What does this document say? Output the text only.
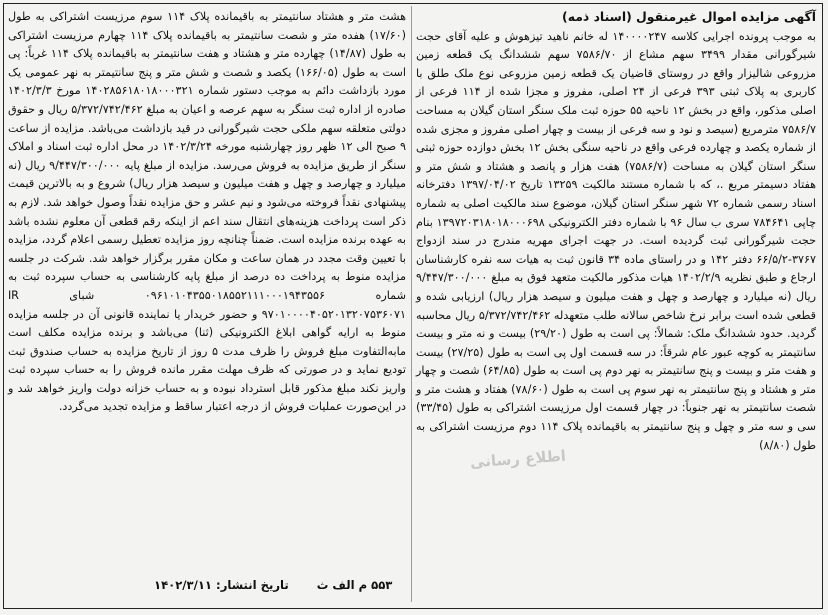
آگهی مزایده اموال غیرمنقول (اسناد ذمه)

به موجب پرونده اجرایی کلاسه ۱۴۰۰۰۰۲۴۷ له خانم ناهید تیزهوش و علیه آقای حجت شیرگورانی مقدار ۳۴۹۹ سهم مشاع از ۷۵۸۶/۷۰ سهم ششدانگ یک قطعه زمین مزروعی شالیزار واقع در روستای قاضیان یک قطعه زمین مزروعی نوع ملک طلق با کاربری به پلاک ثبتی ۳۹۳ فرعی از ۲۴ اصلی، مفروز و مجزا شده از ۱۱۴ فرعی از اصلی مذکور، واقع در بخش ۱۲ ناحیه ۵۵ حوزه ثبت ملک سنگر استان گیلان به مساحت ۷۵۸۶/۷ مترمربع (سیصد و نود و سه فرعی از بیست و چهار اصلی مفروز و مجزی شده از شماره یکصد و چهارده فرعی واقع در ناحیه سنگی بخش ۱۲ بخش دوازده حوزه ثبتی سنگر استان گیلان به مساحت (۷۵۸۶/۷) هفت هزار و پانصد و هشتاد و شش متر و هفتاد دسیمتر مربع .، که با شماره مستند مالکیت ۱۳۲۵۹ تاریخ ۱۳۹۷/۰۴/۰۲ دفترخانه اسناد رسمی شماره ۷۲ شهر سنگر استان گیلان، موضوع سند مالکیت اصلی به شماره چاپی ۷۸۴۶۴۱ سری ب سال ۹۶ با شماره دفتر الکترونیکی ۱۳۹۷۲۰۳۱۸۰۱۸۰۰۰۶۹۸ بنام حجت شیرگورانی ثبت گردیده است. در جهت اجرای مهریه مندرج در سند ازدواج ۳۷۶۷-۶۶/۵/۲ دفتر ۱۴۲ و در راستای ماده ۳۴ قانون ثبت به هیات سه نفره کارشناسان ارجاع و طبق نظریه ۱۴۰۲/۲/۹ هیات مذکور مالکیت متعهد فوق به مبلغ ۹/۴۴۷/۳۰۰/۰۰۰ ریال (نه میلیارد و چهارصد و چهل و هفت میلیون و سیصد هزار ریال) ارزیابی شده و قطعی شده است برابر نرخ شاخص سالانه طلب متعهدله ۵/۳۷۲/۷۴۲/۴۶۲ ریال محاسبه گردید. حدود ششدانگ ملک: شمالاً: پی است به طول (۲۹/۲۰) بیست و نه متر و بیست سانتیمتر به کوچه عبور عام شرقاً: در سه قسمت اول پی است به طول (۲۷/۲۵) بیست و هفت متر و بیست و پنج سانتیمتر به نهر دوم پی است به طول (۶۴/۸۵) شصت و چهار متر و هشتاد و پنج سانتیمتر به نهر سوم پی است به طول (۷۸/۶۰) هفتاد و هشت متر و شصت سانتیمتر به نهر جنوباً: در چهار قسمت اول مرزیست اشتراکی به طول (۳۳/۴۵) سی و سه متر و چهل و پنج سانتیمتر به باقیمانده پلاک ۱۱۴ دوم مرزیست اشتراکی به طول (۸/۸۰)

هشت متر و هشتاد سانتیمتر به باقیمانده پلاک ۱۱۴ سوم مرزیست اشتراکی به طول (۱۷/۶۰) هفده متر و شصت سانتیمتر به باقیمانده پلاک ۱۱۴ چهارم مرزیست اشتراکی به طول (۱۴/۸۷) چهارده متر و هشتاد و هفت سانتیمتر به باقیمانده پلاک ۱۱۴ غرباً: پی است به طول (۱۶۶/۰۵) یکصد و شصت و شش متر و پنج سانتیمتر به نهر عمومی یک مورد بازداشت دائم به موجب دستور شماره ۱۴۰۲۸۵۶۱۸۰۱۸۰۰۰۳۲۱ مورخ ۱۴۰۲/۳/۳ صادره از اداره ثبت سنگر به سهم عرصه و اعیان به مبلغ ۵/۳۷۲/۷۴۲/۴۶۲ ریال و حقوق دولتی متعلقه سهم ملکی حجت شیرگورانی در قید بازداشت می‌باشد. مزایده از ساعت ۹ صبح الی ۱۲ ظهر روز چهارشنبه مورخه ۱۴۰۲/۳/۲۴ در محل اداره ثبت اسناد و املاک سنگر از طریق مزایده به فروش می‌رسد. مزایده از مبلغ پایه ۹/۴۴۷/۳۰۰/۰۰۰ ریال (نه میلیارد و چهارصد و چهل و هفت میلیون و سیصد هزار ریال) شروع و به بالاترین قیمت پیشنهادی نقداً فروخته می‌شود و نیم عشر و حق مزایده نقداً وصول خواهد شد. لازم به ذکر است پرداخت هزینه‌های انتقال سند اعم از اینکه رقم قطعی آن معلوم نشده باشد به عهده برنده مزایده است. ضمناً چنانچه روز مزایده تعطیل رسمی اعلام گردد، مزایده با تعیین وقت مجدد در همان ساعت و مکان مقرر برگزار خواهد شد. شرکت در جلسه مزایده منوط به پرداخت ده درصد از مبلغ پایه کارشناسی به حساب سپرده ثبت به شماره ۰۹۶۱۰۱۰۴۳۵۵۰۱۸۵۵۲۱۱۱۰۰۰۱۹۴۳۵۵۶ شبای IR ۹۷۰۱۰۰۰۰۴۰۵۲۰۱۳۲۰۷۵۳۶۰۷۱ و حضور خریدار یا نماینده قانونی آن در جلسه مزایده منوط به ارایه گواهی ابلاغ الکترونیکی (ثنا) می‌باشد و برنده مزایده مکلف است مابه‌التفاوت مبلغ فروش را ظرف مدت ۵ روز از تاریخ مزایده به حساب صندوق ثبت تودیع نماید و در صورتی که ظرف مهلت مقرر مانده فروش را به حساب سپرده ثبت واریز نکند مبلغ مذکور قابل استرداد نبوده و به حساب خزانه دولت واریز خواهد شد و در این‌صورت عملیات فروش از درجه اعتبار ساقط و مزایده تجدید می‌گردد.

اطلاع رسانی
۵۵۳ م الف ث تاریخ انتشار: ۱۴۰۲/۳/۱۱
